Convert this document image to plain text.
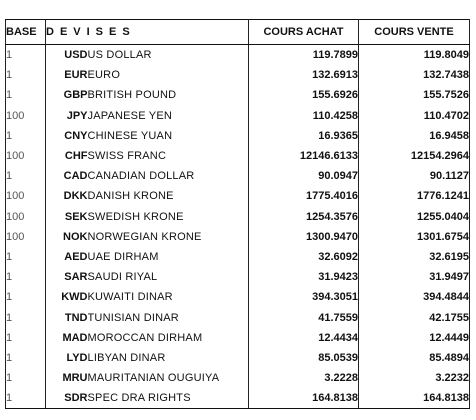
BASE	DEVISES		COURS ACHAT	COURS VENTE
1	USD	US DOLLAR	119.7899	119.8049
1	EUR	EURO	132.6913	132.7438
1	GBP	BRITISH POUND	155.6926	155.7526
100	JPY	JAPANESE YEN	110.4258	110.4702
1	CNY	CHINESE YUAN	16.9365	16.9458
100	CHF	SWISS FRANC	12146.6133	12154.2964
1	CAD	CANADIAN DOLLAR	90.0947	90.1127
100	DKK	DANISH KRONE	1775.4016	1776.1241
100	SEK	SWEDISH KRONE	1254.3576	1255.0404
100	NOK	NORWEGIAN KRONE	1300.9470	1301.6754
1	AED	UAE DIRHAM	32.6092	32.6195
1	SAR	SAUDI RIYAL	31.9423	31.9497
1	KWD	KUWAITI DINAR	394.3051	394.4844
1	TND	TUNISIAN DINAR	41.7559	42.1755
1	MAD	MOROCCAN DIRHAM	12.4434	12.4449
1	LYD	LIBYAN DINAR	85.0539	85.4894
1	MRU	MAURITANIAN OUGUIYA	3.2228	3.2232
1	SDR	SPEC DRA RIGHTS	164.8138	164.8138
